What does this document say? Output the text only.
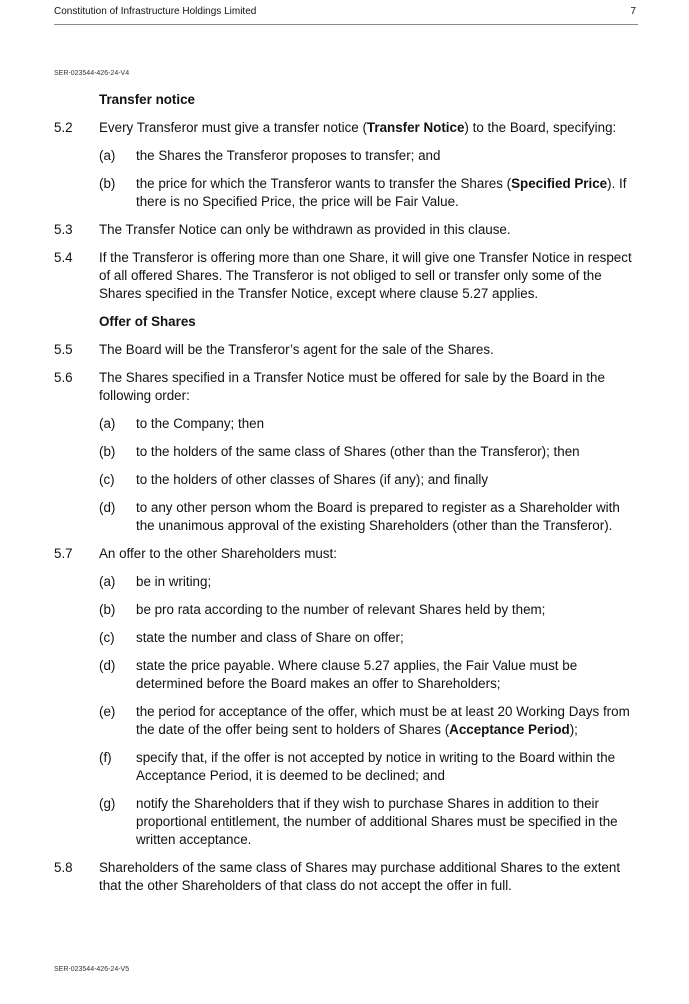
Constitution of Infrastructure Holdings Limited	7
SER-023544-426-24-V4
Transfer notice
5.2 Every Transferor must give a transfer notice (Transfer Notice) to the Board, specifying:
(a) the Shares the Transferor proposes to transfer; and
(b) the price for which the Transferor wants to transfer the Shares (Specified Price). If there is no Specified Price, the price will be Fair Value.
5.3 The Transfer Notice can only be withdrawn as provided in this clause.
5.4 If the Transferor is offering more than one Share, it will give one Transfer Notice in respect of all offered Shares. The Transferor is not obliged to sell or transfer only some of the Shares specified in the Transfer Notice, except where clause 5.27 applies.
Offer of Shares
5.5 The Board will be the Transferor’s agent for the sale of the Shares.
5.6 The Shares specified in a Transfer Notice must be offered for sale by the Board in the following order:
(a) to the Company; then
(b) to the holders of the same class of Shares (other than the Transferor); then
(c) to the holders of other classes of Shares (if any); and finally
(d) to any other person whom the Board is prepared to register as a Shareholder with the unanimous approval of the existing Shareholders (other than the Transferor).
5.7 An offer to the other Shareholders must:
(a) be in writing;
(b) be pro rata according to the number of relevant Shares held by them;
(c) state the number and class of Share on offer;
(d) state the price payable. Where clause 5.27 applies, the Fair Value must be determined before the Board makes an offer to Shareholders;
(e) the period for acceptance of the offer, which must be at least 20 Working Days from the date of the offer being sent to holders of Shares (Acceptance Period);
(f) specify that, if the offer is not accepted by notice in writing to the Board within the Acceptance Period, it is deemed to be declined; and
(g) notify the Shareholders that if they wish to purchase Shares in addition to their proportional entitlement, the number of additional Shares must be specified in the written acceptance.
5.8 Shareholders of the same class of Shares may purchase additional Shares to the extent that the other Shareholders of that class do not accept the offer in full.
SER-023544-426-24-V5
